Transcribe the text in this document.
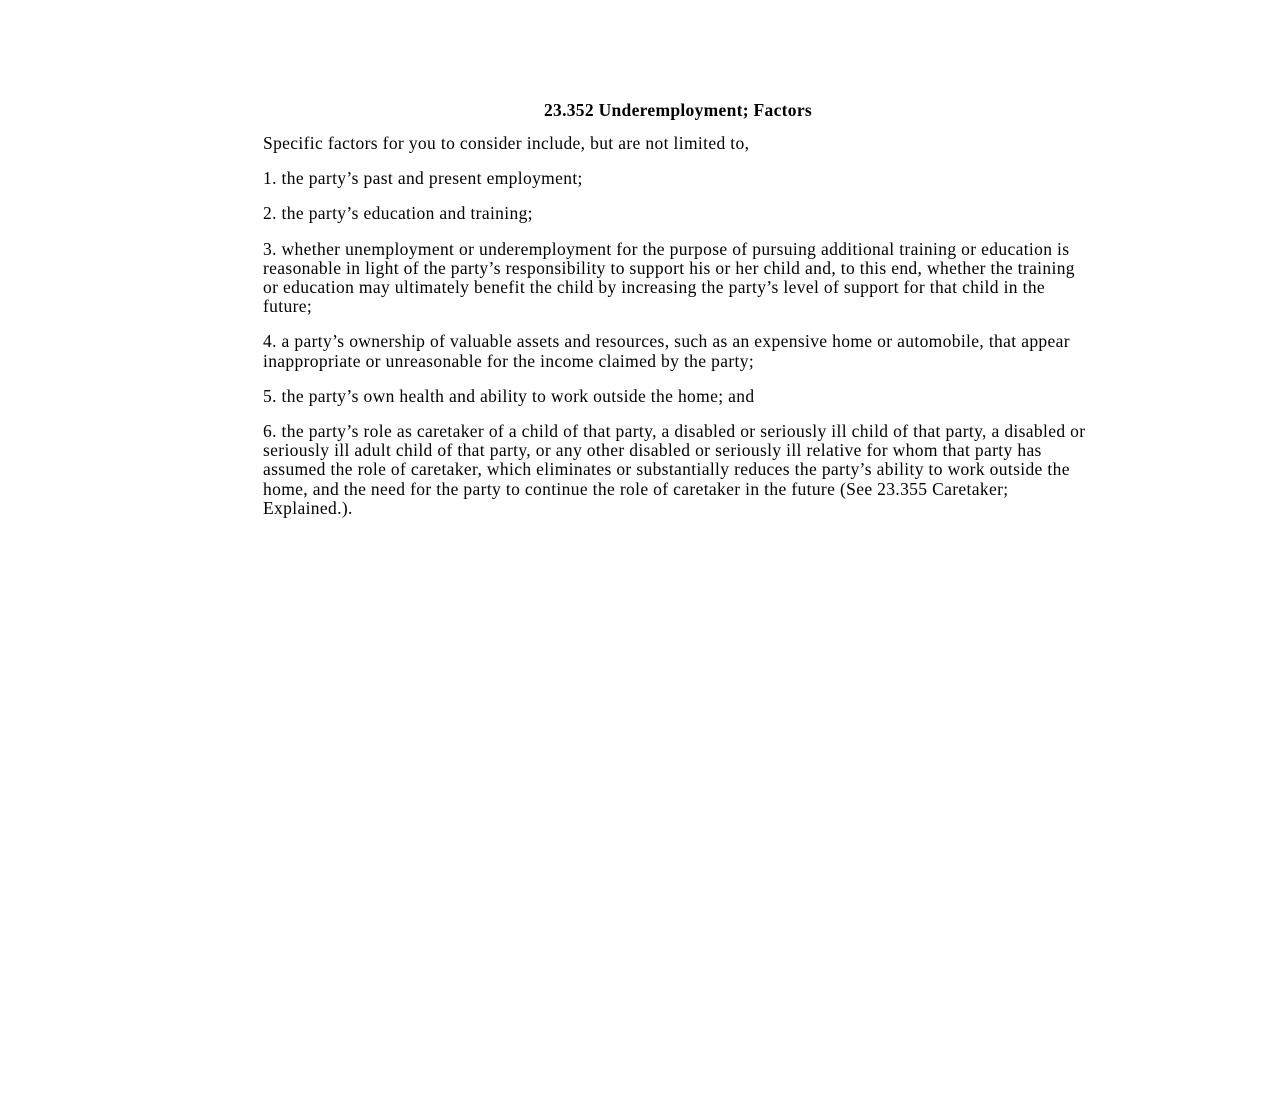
23.352 Underemployment; Factors

Specific factors for you to consider include, but are not limited to,

1. the party’s past and present employment;

2. the party’s education and training;

3. whether unemployment or underemployment for the purpose of pursuing additional training or education is reasonable in light of the party’s responsibility to support his or her child and, to this end, whether the training or education may ultimately benefit the child by increasing the party’s level of support for that child in the future;

4. a party’s ownership of valuable assets and resources, such as an expensive home or automobile, that appear inappropriate or unreasonable for the income claimed by the party;

5. the party’s own health and ability to work outside the home; and

6. the party’s role as caretaker of a child of that party, a disabled or seriously ill child of that party, a disabled or seriously ill adult child of that party, or any other disabled or seriously ill relative for whom that party has assumed the role of caretaker, which eliminates or substantially reduces the party’s ability to work outside the home, and the need for the party to continue the role of caretaker in the future (See 23.355 Caretaker; Explained.).
